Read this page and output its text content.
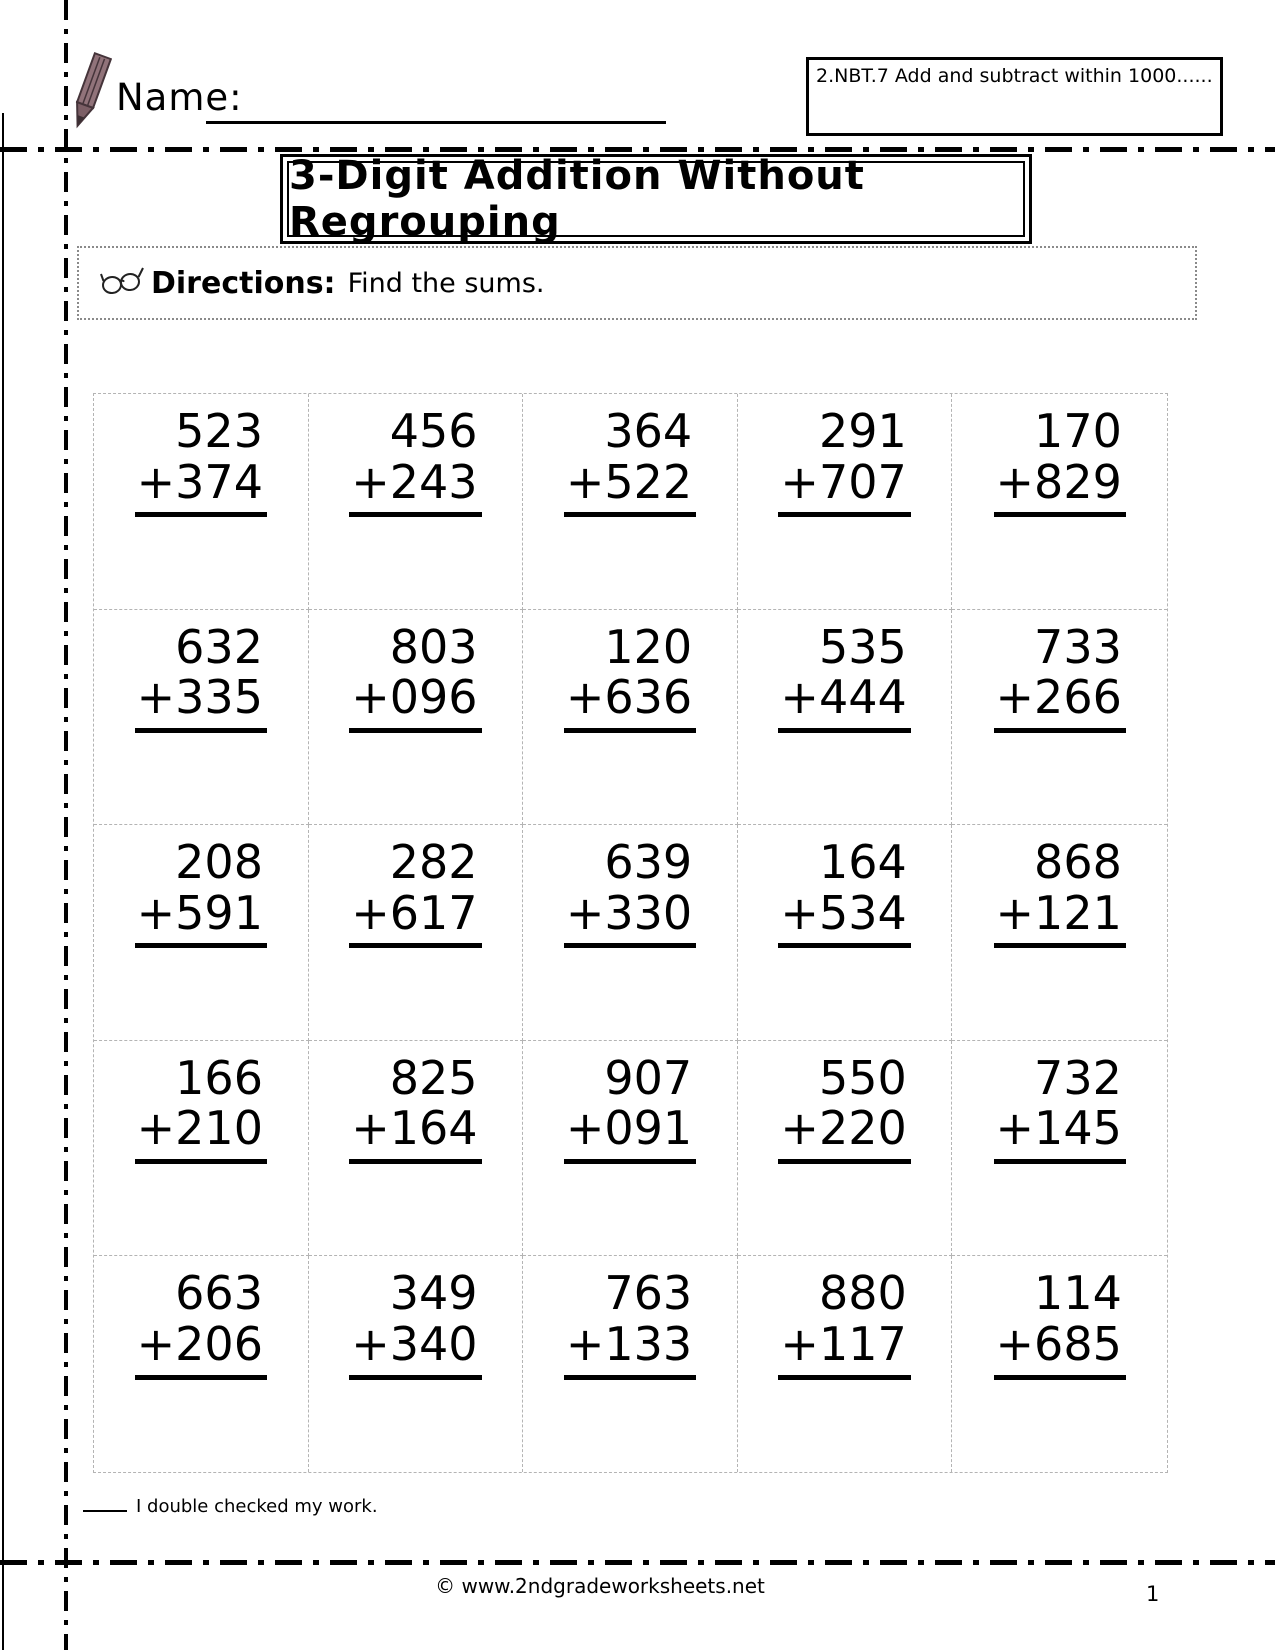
Name:	2.NBT.7 Add and subtract within 1000......
3-Digit Addition Without Regrouping
Directions: Find the sums.
523
+374
456
+243
364
+522
291
+707
170
+829
632
+335
803
+096
120
+636
535
+444
733
+266
208
+591
282
+617
639
+330
164
+534
868
+121
166
+210
825
+164
907
+091
550
+220
732
+145
663
+206
349
+340
763
+133
880
+117
114
+685
I double checked my work.
© www.2ndgradeworksheets.net	1
